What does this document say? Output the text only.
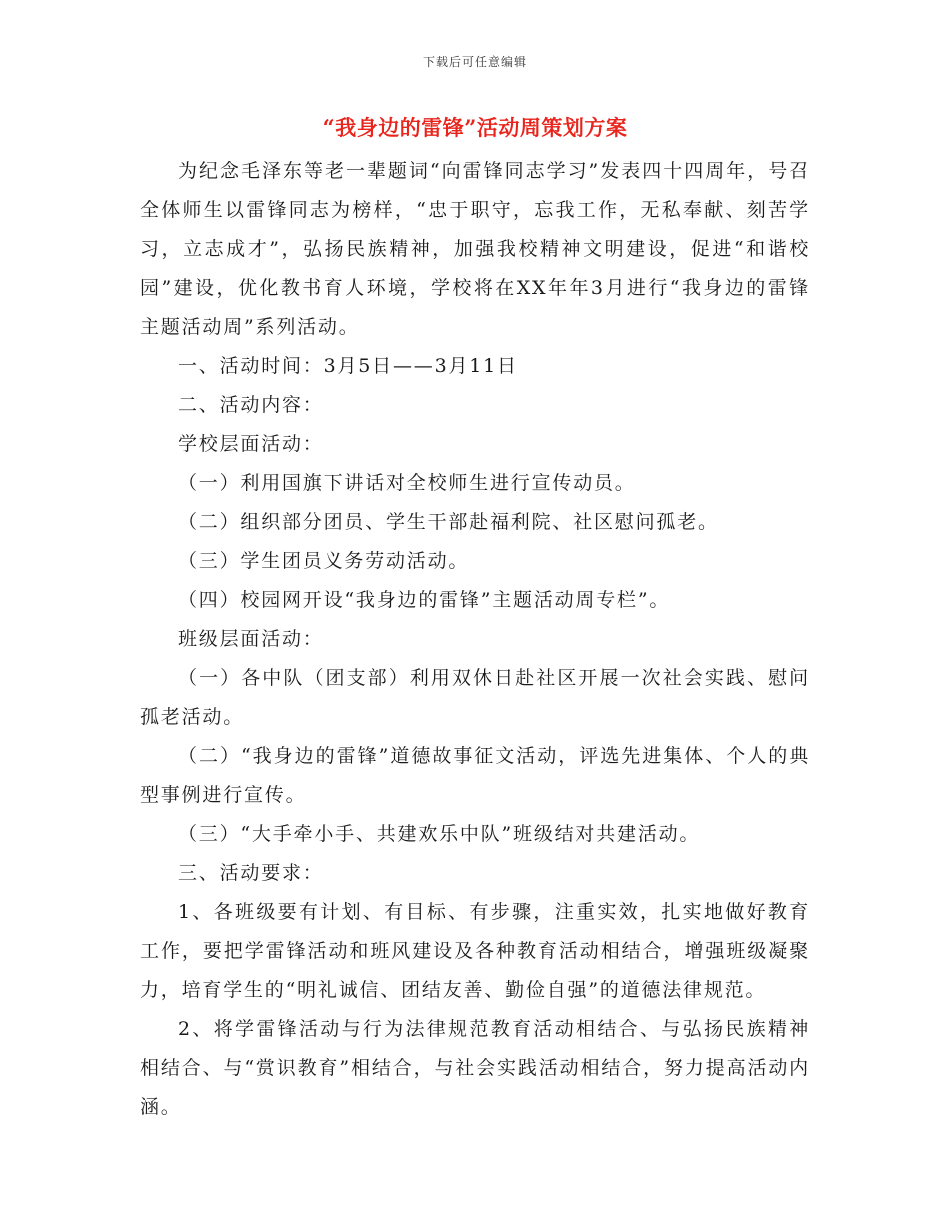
下载后可任意编辑
“我身边的雷锋”活动周策划方案

为纪念毛泽东等老一辈题词“向雷锋同志学习”发表四十四周年，号召全体师生以雷锋同志为榜样，“忠于职守，忘我工作，无私奉献、刻苦学习，立志成才”，弘扬民族精神，加强我校精神文明建设，促进“和谐校园”建设，优化教书育人环境，学校将在XX年年3月进行“我身边的雷锋主题活动周”系列活动。

一、活动时间：3月5日——3月11日

二、活动内容：

学校层面活动：

（一）利用国旗下讲话对全校师生进行宣传动员。

（二）组织部分团员、学生干部赴福利院、社区慰问孤老。

（三）学生团员义务劳动活动。

（四）校园网开设“我身边的雷锋”主题活动周专栏”。

班级层面活动：

（一）各中队（团支部）利用双休日赴社区开展一次社会实践、慰问孤老活动。

（二）“我身边的雷锋”道德故事征文活动，评选先进集体、个人的典型事例进行宣传。

（三）“大手牵小手、共建欢乐中队”班级结对共建活动。

三、活动要求：

1、各班级要有计划、有目标、有步骤，注重实效，扎实地做好教育工作，要把学雷锋活动和班风建设及各种教育活动相结合，增强班级凝聚力，培育学生的“明礼诚信、团结友善、勤俭自强”的道德法律规范。

2、将学雷锋活动与行为法律规范教育活动相结合、与弘扬民族精神相结合、与“赏识教育”相结合，与社会实践活动相结合，努力提高活动内涵。
